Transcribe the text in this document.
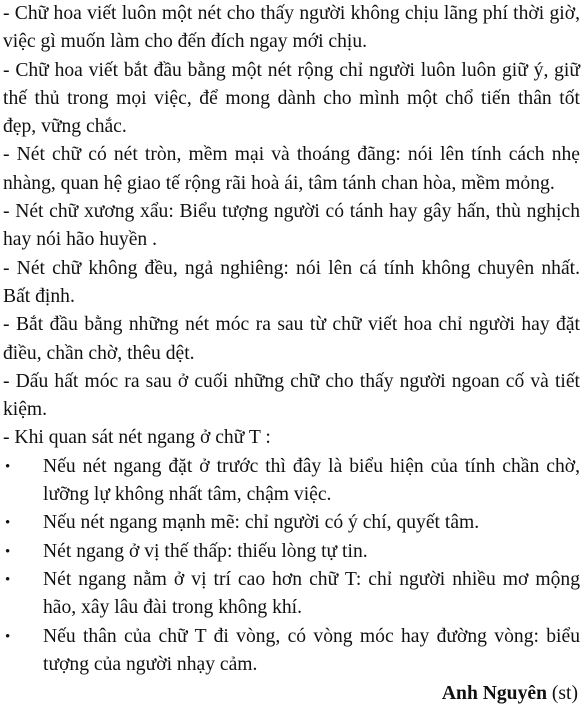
- Chữ hoa viết luôn một nét cho thấy người không chịu lãng phí thời giờ, việc gì muốn làm cho đến đích ngay mới chịu.

- Chữ hoa viết bắt đầu bằng một nét rộng chỉ người luôn luôn giữ ý, giữ thế thủ trong mọi việc, để mong dành cho mình một chổ tiến thân tốt đẹp, vững chắc.

- Nét chữ có nét tròn, mềm mại và thoáng đãng: nói lên tính cách nhẹ nhàng, quan hệ giao tế rộng rãi hoà ái, tâm tánh chan hòa, mềm mỏng.

- Nét chữ xương xẩu: Biểu tượng người có tánh hay gây hấn, thù nghịch hay nói hão huyền .

- Nét chữ không đều, ngả nghiêng: nói lên cá tính không chuyên nhất. Bất định.

- Bắt đầu bằng những nét móc ra sau từ chữ viết hoa chỉ người hay đặt điều, chần chờ, thêu dệt.

- Dấu hất móc ra sau ở cuối những chữ cho thấy người ngoan cố và tiết kiệm.

- Khi quan sát nét ngang ở chữ T :

•	Nếu nét ngang đặt ở trước thì đây là biểu hiện của tính chần chờ, lưỡng lự không nhất tâm, chậm việc.
•	Nếu nét ngang mạnh mẽ: chỉ người có ý chí, quyết tâm.
•	Nét ngang ở vị thế thấp: thiếu lòng tự tin.
•	Nét ngang nằm ở vị trí cao hơn chữ T: chỉ người nhiều mơ mộng hão, xây lâu đài trong không khí.
•	Nếu thân của chữ T đi vòng, có vòng móc hay đường vòng: biểu tượng của người nhạy cảm.
Anh Nguyên (st)
